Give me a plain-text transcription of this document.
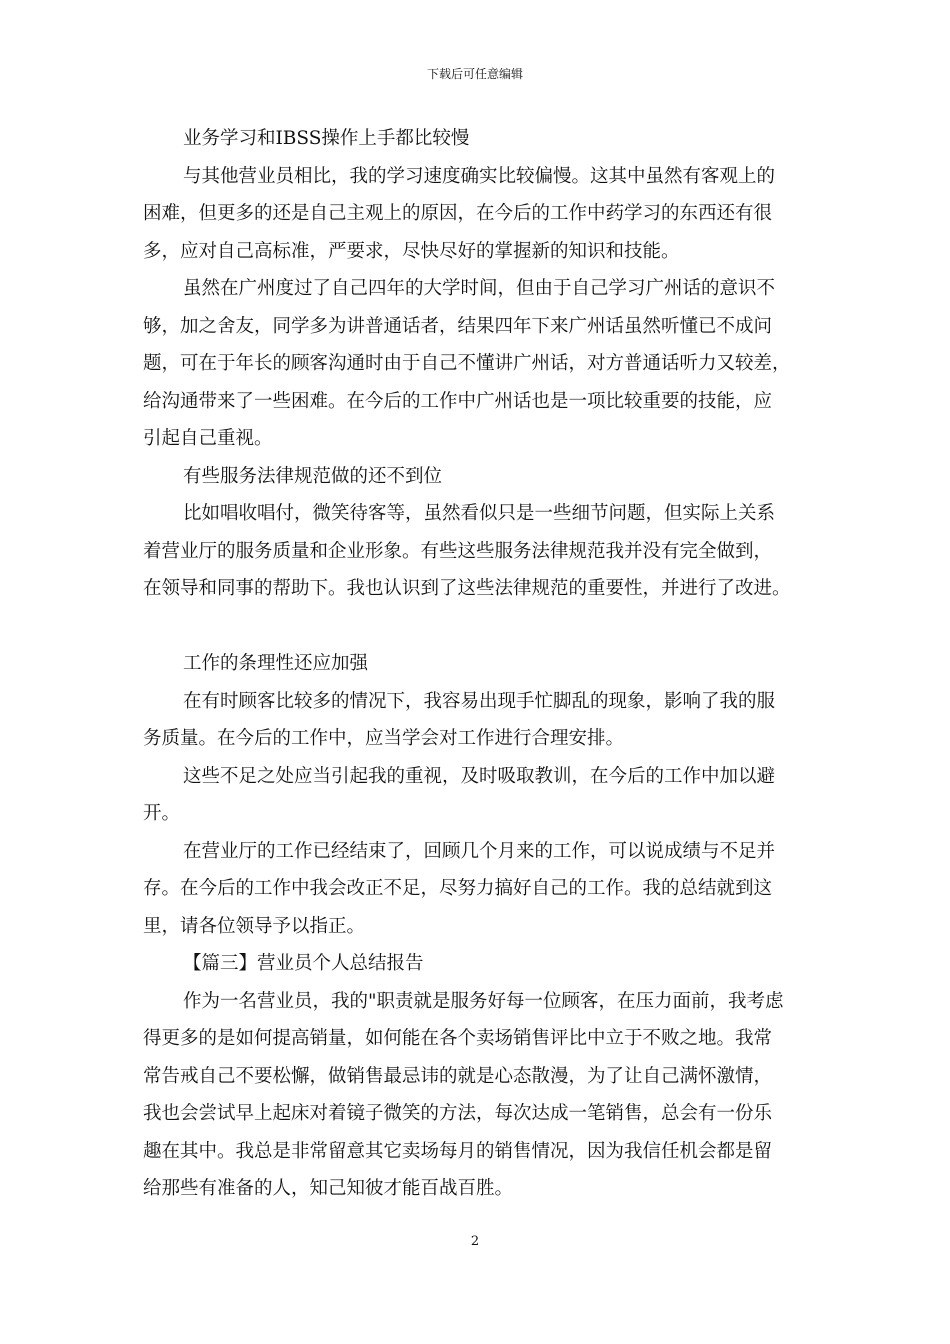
下载后可任意编辑
业务学习和IBSS操作上手都比较慢
与其他营业员相比，我的学习速度确实比较偏慢。这其中虽然有客观上的
困难，但更多的还是自己主观上的原因，在今后的工作中药学习的东西还有很
多，应对自己高标准，严要求，尽快尽好的掌握新的知识和技能。
虽然在广州度过了自己四年的大学时间，但由于自己学习广州话的意识不
够，加之舍友，同学多为讲普通话者，结果四年下来广州话虽然听懂已不成问
题，可在于年长的顾客沟通时由于自己不懂讲广州话，对方普通话听力又较差，
给沟通带来了一些困难。在今后的工作中广州话也是一项比较重要的技能，应
引起自己重视。
有些服务法律规范做的还不到位
比如唱收唱付，微笑待客等，虽然看似只是一些细节问题，但实际上关系
着营业厅的服务质量和企业形象。有些这些服务法律规范我并没有完全做到，
在领导和同事的帮助下。我也认识到了这些法律规范的重要性，并进行了改进。
工作的条理性还应加强
在有时顾客比较多的情况下，我容易出现手忙脚乱的现象，影响了我的服
务质量。在今后的工作中，应当学会对工作进行合理安排。
这些不足之处应当引起我的重视，及时吸取教训，在今后的工作中加以避
开。
在营业厅的工作已经结束了，回顾几个月来的工作，可以说成绩与不足并
存。在今后的工作中我会改正不足，尽努力搞好自己的工作。我的总结就到这
里，请各位领导予以指正。
【篇三】营业员个人总结报告
作为一名营业员，我的"职责就是服务好每一位顾客，在压力面前，我考虑
得更多的是如何提高销量，如何能在各个卖场销售评比中立于不败之地。我常
常告戒自己不要松懈，做销售最忌讳的就是心态散漫，为了让自己满怀激情，
我也会尝试早上起床对着镜子微笑的方法，每次达成一笔销售，总会有一份乐
趣在其中。我总是非常留意其它卖场每月的销售情况，因为我信任机会都是留
给那些有准备的人，知己知彼才能百战百胜。
2
